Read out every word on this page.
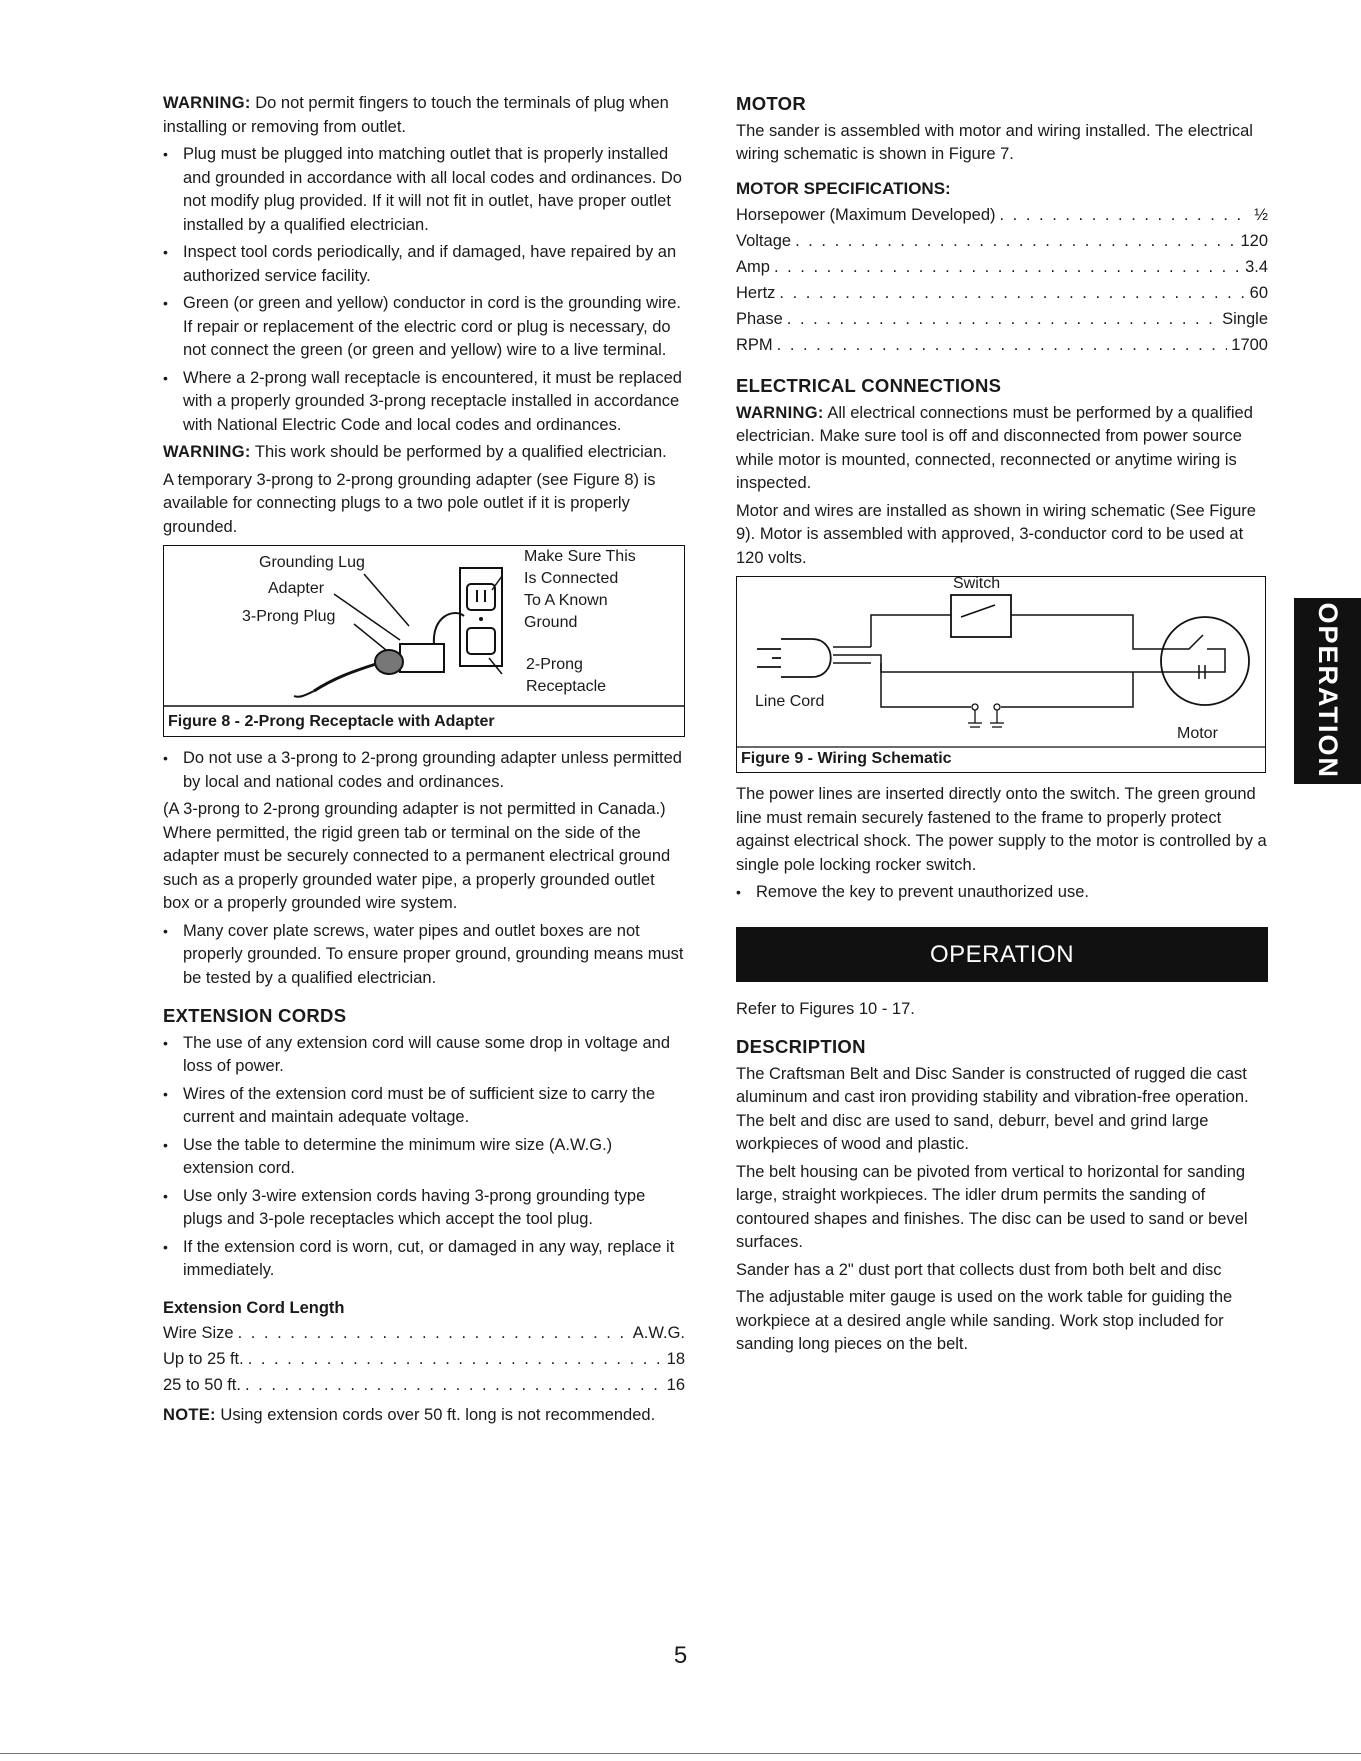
WARNING: Do not permit fingers to touch the terminals of plug when installing or removing from outlet.

• Plug must be plugged into matching outlet that is properly installed and grounded in accordance with all local codes and ordinances. Do not modify plug provided. If it will not fit in outlet, have proper outlet installed by a qualified electrician.
• Inspect tool cords periodically, and if damaged, have repaired by an authorized service facility.
• Green (or green and yellow) conductor in cord is the grounding wire. If repair or replacement of the electric cord or plug is necessary, do not connect the green (or green and yellow) wire to a live terminal.
• Where a 2-prong wall receptacle is encountered, it must be replaced with a properly grounded 3-prong receptacle installed in accordance with National Electric Code and local codes and ordinances.

WARNING: This work should be performed by a qualified electrician.

A temporary 3-prong to 2-prong grounding adapter (see Figure 8) is available for connecting plugs to a two pole outlet if it is properly grounded.

Grounding Lug
Adapter
3-Prong Plug
Make Sure This
Is Connected
To A Known
Ground
2-Prong
Receptacle
Figure 8 - 2-Prong Receptacle with Adapter
• Do not use a 3-prong to 2-prong grounding adapter unless permitted by local and national codes and ordinances.

(A 3-prong to 2-prong grounding adapter is not permitted in Canada.) Where permitted, the rigid green tab or terminal on the side of the adapter must be securely connected to a permanent electrical ground such as a properly grounded water pipe, a properly grounded outlet box or a properly grounded wire system.

• Many cover plate screws, water pipes and outlet boxes are not properly grounded. To ensure proper ground, grounding means must be tested by a qualified electrician.
EXTENSION CORDS
• The use of any extension cord will cause some drop in voltage and loss of power.
• Wires of the extension cord must be of sufficient size to carry the current and maintain adequate voltage.
• Use the table to determine the minimum wire size (A.W.G.) extension cord.
• Use only 3-wire extension cords having 3-prong grounding type plugs and 3-pole receptacles which accept the tool plug.
• If the extension cord is worn, cut, or damaged in any way, replace it immediately.
Extension Cord Length
Wire Size . . .	A.W.G.
Up to 25 ft. . . .	18
25 to 50 ft. . . .	16

NOTE: Using extension cords over 50 ft. long is not recommended.

MOTOR

The sander is assembled with motor and wiring installed. The electrical wiring schematic is shown in Figure 7.

MOTOR SPECIFICATIONS:
Horsepower (Maximum Developed) . . .	½
Voltage . . .	120
Amp . . .	3.4
Hertz . . .	60
Phase . . .	Single
RPM . . .	1700
ELECTRICAL CONNECTIONS

WARNING: All electrical connections must be performed by a qualified electrician. Make sure tool is off and disconnected from power source while motor is mounted, connected, reconnected or anytime wiring is inspected.

Motor and wires are installed as shown in wiring schematic (See Figure 9). Motor is assembled with approved, 3-conductor cord to be used at 120 volts.

Switch
Line Cord
Motor
Figure 9 - Wiring Schematic

The power lines are inserted directly onto the switch. The green ground line must remain securely fastened to the frame to properly protect against electrical shock. The power supply to the motor is controlled by a single pole locking rocker switch.

• Remove the key to prevent unauthorized use.
OPERATION

Refer to Figures 10 - 17.

DESCRIPTION

The Craftsman Belt and Disc Sander is constructed of rugged die cast aluminum and cast iron providing stability and vibration-free operation. The belt and disc are used to sand, deburr, bevel and grind large workpieces of wood and plastic.

The belt housing can be pivoted from vertical to horizontal for sanding large, straight workpieces. The idler drum permits the sanding of contoured shapes and finishes. The disc can be used to sand or bevel surfaces.

Sander has a 2" dust port that collects dust from both belt and disc

The adjustable miter gauge is used on the work table for guiding the workpiece at a desired angle while sanding. Work stop included for sanding long pieces on the belt.

OPERATION
5
